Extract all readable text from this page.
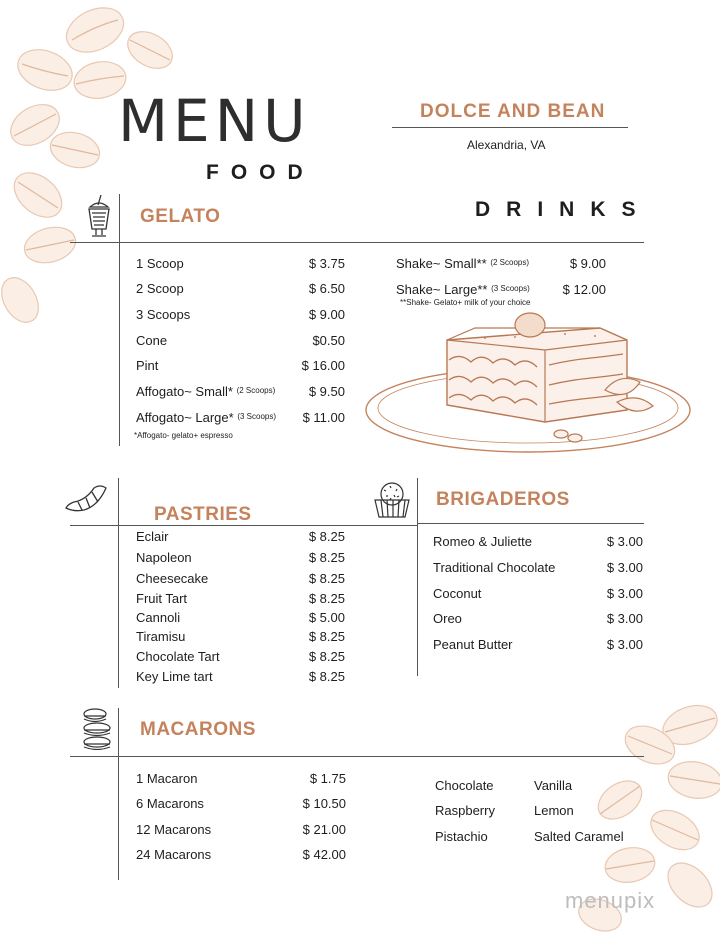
MENU
FOOD
DOLCE AND BEAN
Alexandria, VA
DRINKS
GELATO
1 Scoop	$ 3.75
2 Scoop	$ 6.50
3 Scoops	$ 9.00
Cone	$0.50
Pint	$ 16.00
Affogato~ Small* $^{(2 Scoops)}$	$ 9.50
Affogato~ Large* $^{(3 Scoops)}$ $ 11.00
*Affogato- gelato+ espresso
Shake~ Small** $^{(2 Scoops)}$	$ 9.00
Shake~ Large** $^{(3 Scoops)}$	$ 12.00
**Shake- Gelato+ milk of your choice
PASTRIES
Eclair	$ 8.25
Napoleon	$ 8.25
Cheesecake	$ 8.25
Fruit Tart	$ 8.25
Cannoli	$ 5.00
Tiramisu	$ 8.25
Chocolate Tart	$ 8.25
Key Lime tart	$ 8.25
BRIGADEROS
Romeo & Juliette	$ 3.00
Traditional Chocolate	$ 3.00
Coconut	$ 3.00
Oreo	$ 3.00
Peanut Butter	$ 3.00
MACARONS
1 Macaron	$ 1.75
6 Macarons	$ 10.50
12 Macarons	$ 21.00
24 Macarons	$ 42.00
Chocolate	Vanilla
Raspberry	Lemon
Pistachio	Salted Caramel
menupix
